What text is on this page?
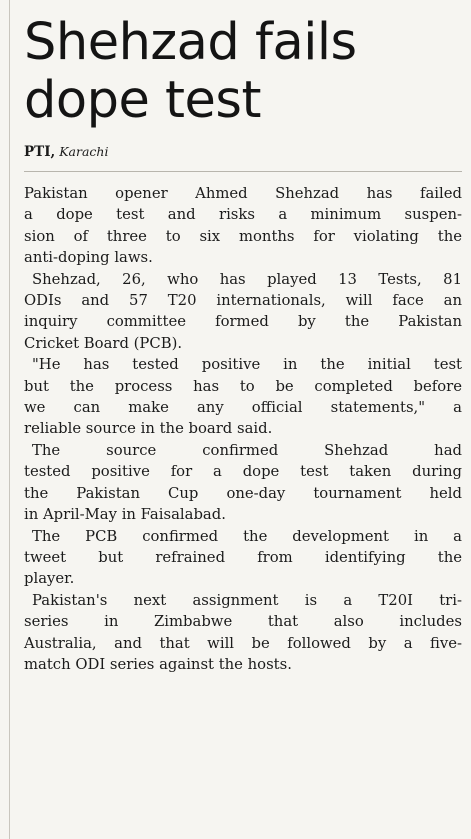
Shehzad fails
dope test
PTI, Karachi

Pakistan opener Ahmed Shehzad has failed
a dope test and risks a minimum suspen-
sion of three to six months for violating the
anti-doping laws.

Shehzad, 26, who has played 13 Tests, 81
ODIs and 57 T20 internationals, will face an
inquiry committee formed by the Pakistan
Cricket Board (PCB).

"He has tested positive in the initial test
but the process has to be completed before
we can make any official statements," a
reliable source in the board said.

The source confirmed Shehzad had
tested positive for a dope test taken during
the Pakistan Cup one-day tournament held
in April-May in Faisalabad.

The PCB confirmed the development in a
tweet but refrained from identifying the
player.

Pakistan's next assignment is a T20I tri-
series in Zimbabwe that also includes
Australia, and that will be followed by a five-
match ODI series against the hosts.
